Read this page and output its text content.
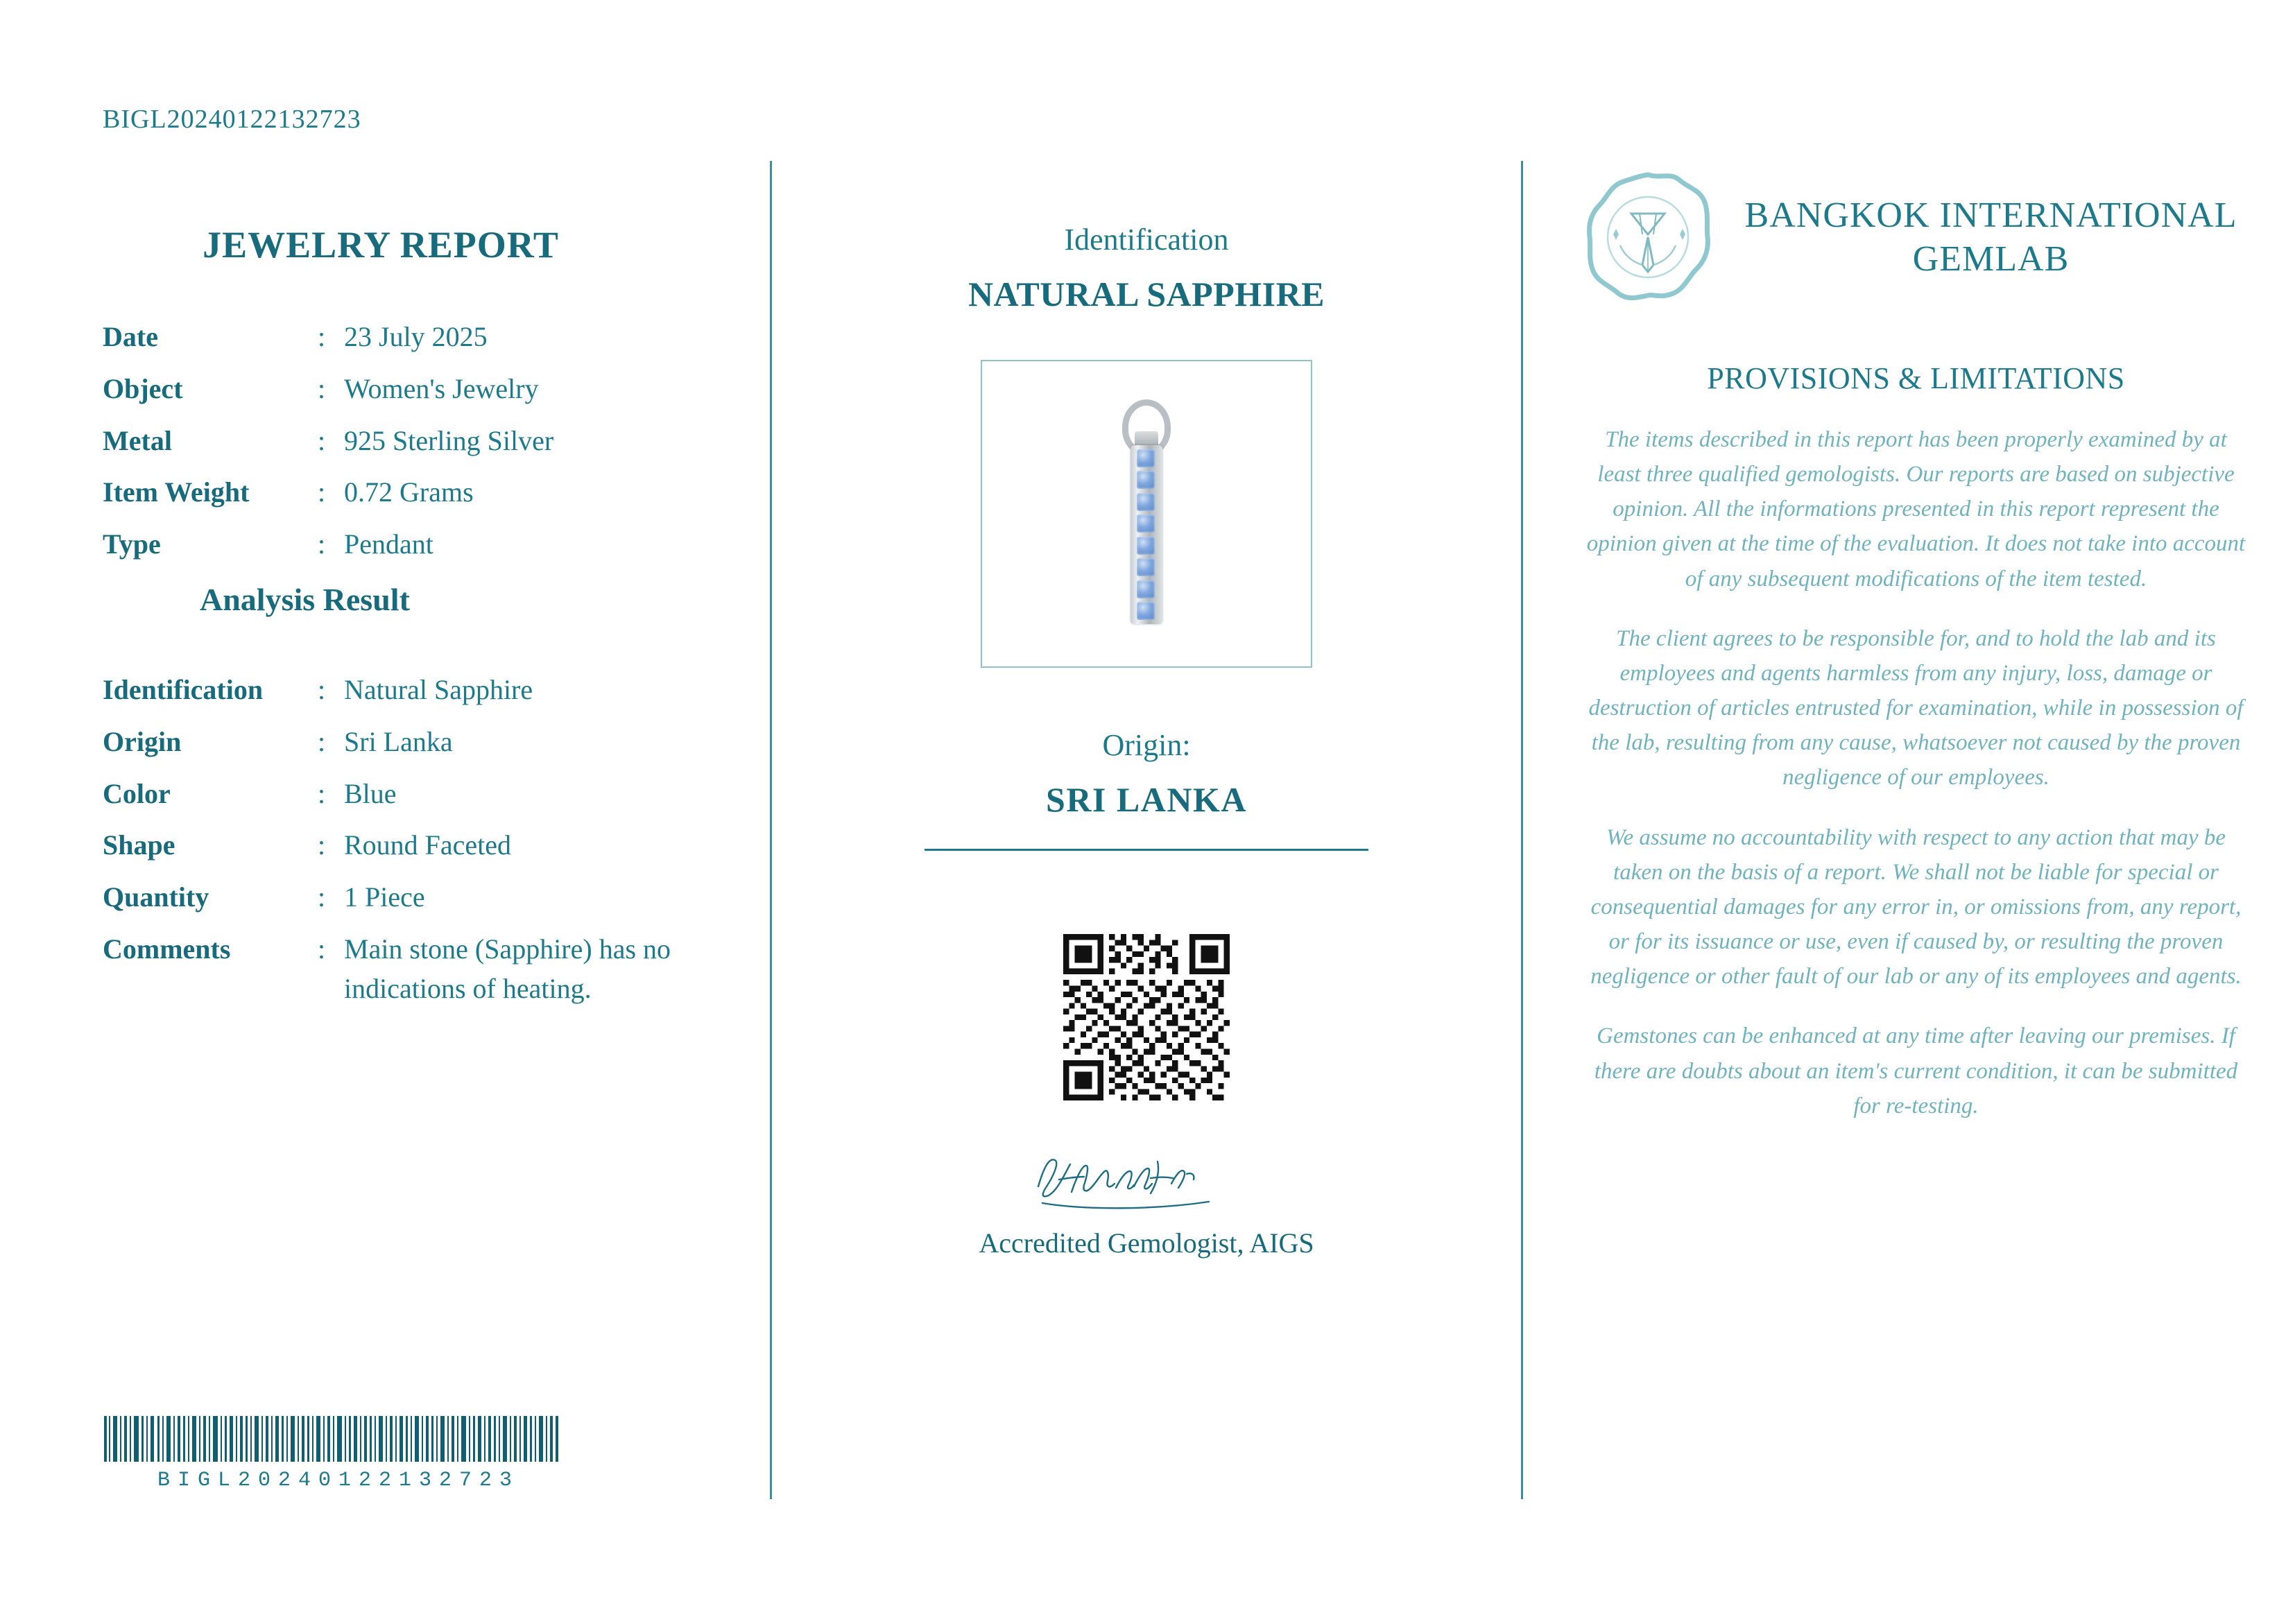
BIGL20240122132723
JEWELRY REPORT
Date	: 23 July 2025
Object	: Women's Jewelry
Metal	: 925 Sterling Silver
Item Weight	: 0.72 Grams
Type	: Pendant
Analysis Result
Identification	: Natural Sapphire
Origin	: Sri Lanka
Color	: Blue
Shape	: Round Faceted
Quantity	: 1 Piece
Comments	: Main stone (Sapphire) has no indications of heating.
BIGL20240122132723
Identification
NATURAL SAPPHIRE
Origin:
SRI LANKA
Accredited Gemologist, AIGS
BANGKOK INTERNATIONAL GEMLAB
PROVISIONS & LIMITATIONS

The items described in this report has been properly examined by at least three qualified gemologists. Our reports are based on subjective opinion. All the informations presented in this report represent the opinion given at the time of the evaluation. It does not take into account of any subsequent modifications of the item tested.

The client agrees to be responsible for, and to hold the lab and its employees and agents harmless from any injury, loss, damage or destruction of articles entrusted for examination, while in possession of the lab, resulting from any cause, whatsoever not caused by the proven negligence of our employees.

We assume no accountability with respect to any action that may be taken on the basis of a report. We shall not be liable for special or consequential damages for any error in, or omissions from, any report, or for its issuance or use, even if caused by, or resulting the proven negligence or other fault of our lab or any of its employees and agents.

Gemstones can be enhanced at any time after leaving our premises. If there are doubts about an item's current condition, it can be submitted for re-testing.
